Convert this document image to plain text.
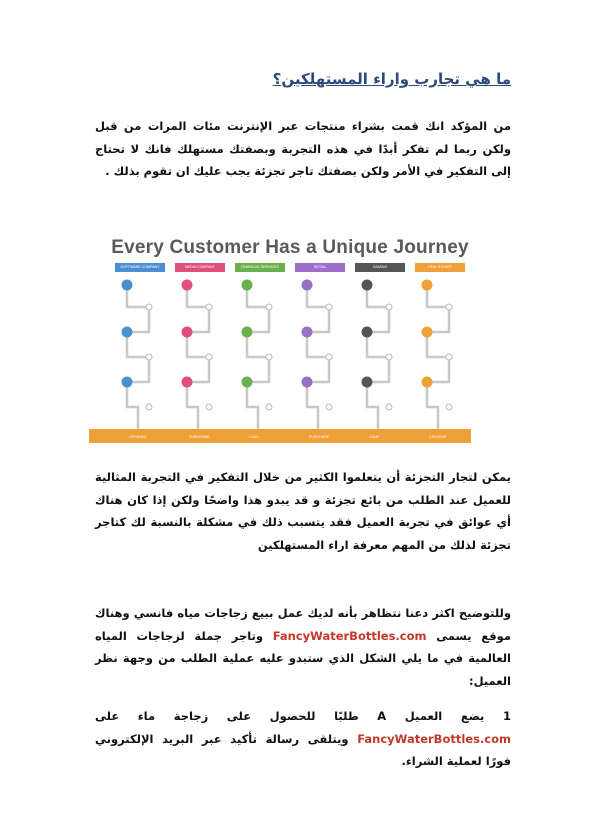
ما هي تجارب واراء المستهلكين؟
من المؤكد انك قمت بشراء منتجات عبر الإنترنت مئات المرات من قبل ولكن ربما لم تفكر أبدًا في هذه التجربة وبصفتك مستهلك فانك لا تحتاج إلى التفكير في الأمر ولكن بصفتك تاجر تجزئة يجب عليك ان تقوم بذلك .
Every Customer Has a Unique Journey
SOFTWARE COMPANY	MEDIA COMPANY	FINANCIAL SERVICES	RETAIL	GAMING	HEALTHCARE
UPGRADE	SUBSCRIBE	LOAN	PURCHASE	GAME	CHECKUP
يمكن لتجار التجزئة أن يتعلموا الكثير من خلال التفكير في التجربة المثالية للعميل عند الطلب من بائع تجزئة و قد يبدو هذا واضحًا ولكن إذا كان هناك أي عوائق في تجربة العميل فقد يتسبب ذلك في مشكلة بالنسبة لك كتاجر تجزئة لذلك من المهم معرفة اراء المستهلكين
وللتوضيح اكثر دعنا نتظاهر بأنه لديك عمل ببيع زجاجات مياه فانسي وهناك موقع يسمى FancyWaterBottles.com وتاجر جملة لزجاجات المياه العالمية في ما يلي الشكل الذي ستبدو عليه عملية الطلب من وجهة نظر العميل:
1 يضع العميل A طلبًا للحصول على زجاجة ماء على FancyWaterBottles.com ويتلقى رسالة تأكيد عبر البريد الإلكتروني فورًا لعملية الشراء.
